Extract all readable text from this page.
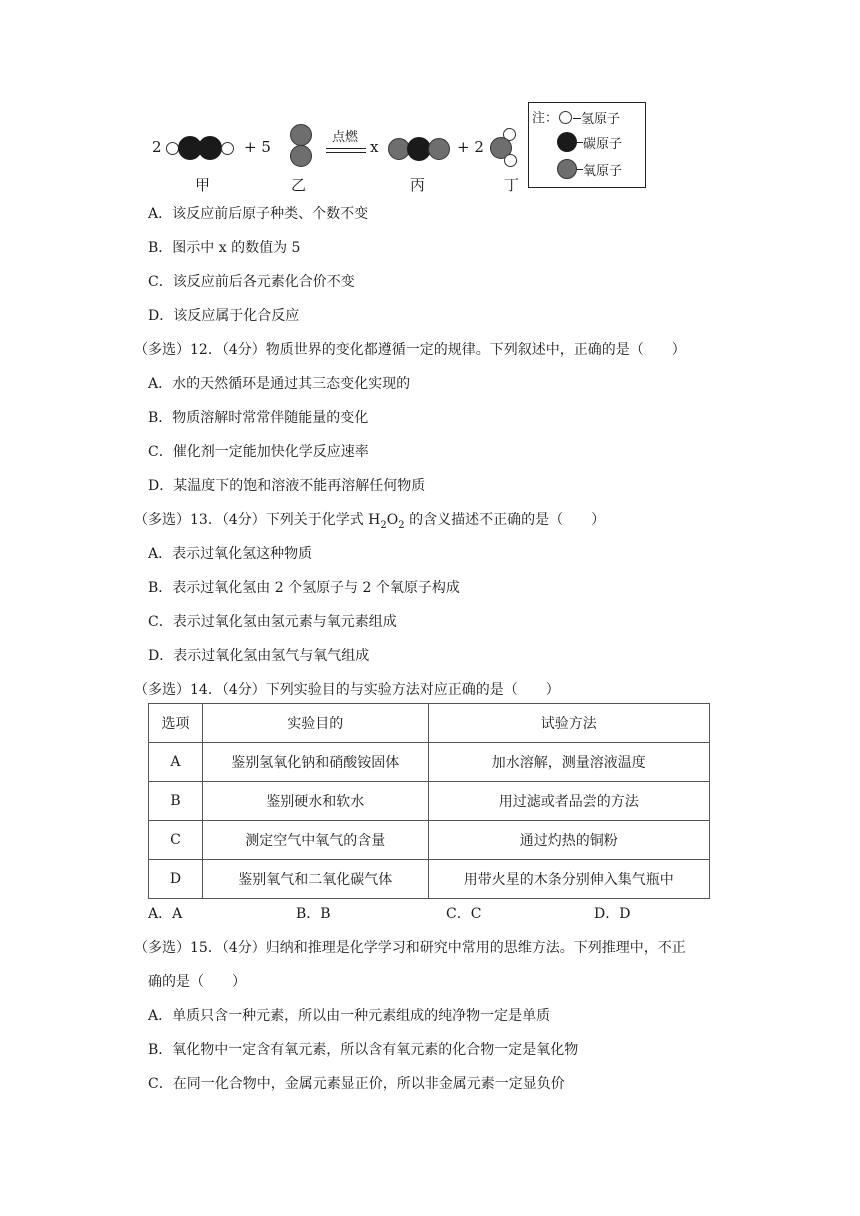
2	+ 5
点燃
x	+ 2
甲	乙	丙	丁
注： 氢原子
碳原子
氧原子
A．该反应前后原子种类、个数不变
B．图示中 x 的数值为 5
C．该反应前后各元素化合价不变
D．该反应属于化合反应
（多选）12．（4分）物质世界的变化都遵循一定的规律。下列叙述中，正确的是（　　）
A．水的天然循环是通过其三态变化实现的
B．物质溶解时常常伴随能量的变化
C．催化剂一定能加快化学反应速率
D．某温度下的饱和溶液不能再溶解任何物质
（多选）13．（4分）下列关于化学式 $H_2O_2$ 的含义描述不正确的是（　　）
A．表示过氧化氢这种物质
B．表示过氧化氢由 2 个氢原子与 2 个氧原子构成
C．表示过氧化氢由氢元素与氧元素组成
D．表示过氧化氢由氢气与氧气组成
（多选）14．（4分）下列实验目的与实验方法对应正确的是（　　）
选项	实验目的	试验方法
A	鉴别氢氧化钠和硝酸铵固体	加水溶解，测量溶液温度
B	鉴别硬水和软水	用过滤或者品尝的方法
C	测定空气中氧气的含量	通过灼热的铜粉
D	鉴别氧气和二氧化碳气体	用带火星的木条分别伸入集气瓶中
A．A	B．B	C．C	D．D
（多选）15．（4分）归纳和推理是化学学习和研究中常用的思维方法。下列推理中，不正
确的是（　　）
A．单质只含一种元素，所以由一种元素组成的纯净物一定是单质
B．氧化物中一定含有氧元素，所以含有氧元素的化合物一定是氧化物
C．在同一化合物中，金属元素显正价，所以非金属元素一定显负价
